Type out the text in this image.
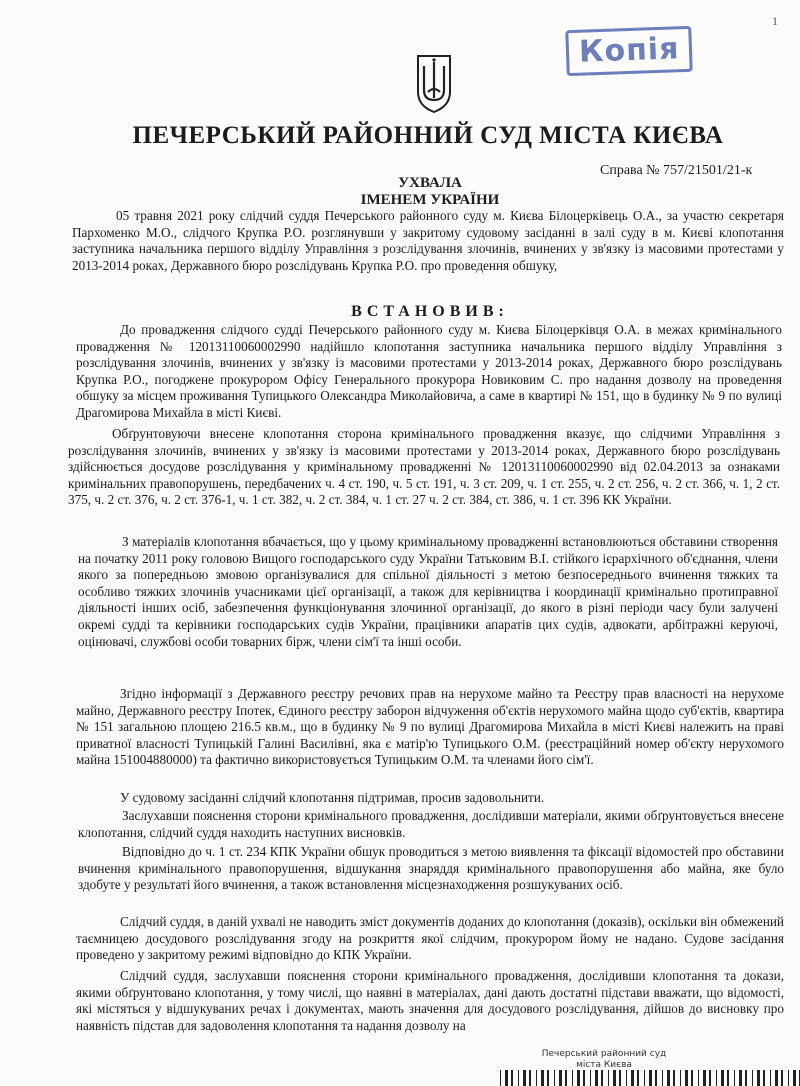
1
Копія
ПЕЧЕРСЬКИЙ РАЙОННИЙ СУД МІСТА КИЄВА
Справа № 757/21501/21-к
УХВАЛА
ІМЕНЕМ УКРАЇНИ

05 травня 2021 року слідчий суддя Печерського районного суду м. Києва Білоцерківець О.А., за участю секретаря Пархоменко М.О., слідчого Крупка Р.О. розглянувши у закритому судовому засіданні в залі суду в м. Києві клопотання заступника начальника першого відділу Управління з розслідування злочинів, вчинених у зв'язку із масовими протестами у 2013-2014 роках, Державного бюро розслідувань Крупка Р.О. про проведення обшуку,

ВСТАНОВИВ:

До провадження слідчого судді Печерського районного суду м. Києва Білоцерківця О.А. в межах кримінального провадження № 12013110060002990 надійшло клопотання заступника начальника першого відділу Управління з розслідування злочинів, вчинених у зв'язку із масовими протестами у 2013-2014 роках, Державного бюро розслідувань Крупка Р.О., погоджене прокурором Офісу Генерального прокурора Новиковим С. про надання дозволу на проведення обшуку за місцем проживання Тупицького Олександра Миколайовича, а саме в квартирі № 151, що в будинку № 9 по вулиці Драгомирова Михайла в місті Києві.

Обґрунтовуючи внесене клопотання сторона кримінального провадження вказує, що слідчими Управління з розслідування злочинів, вчинених у зв'язку із масовими протестами у 2013-2014 роках, Державного бюро розслідувань здійснюється досудове розслідування у кримінальному провадженні № 12013110060002990 від 02.04.2013 за ознаками кримінальних правопорушень, передбачених ч. 4 ст. 190, ч. 5 ст. 191, ч. 3 ст. 209, ч. 1 ст. 255, ч. 2 ст. 256, ч. 2 ст. 366, ч. 1, 2 ст. 375, ч. 2 ст. 376, ч. 2 ст. 376-1, ч. 1 ст. 382, ч. 2 ст. 384, ч. 1 ст. 27 ч. 2 ст. 384, ст. 386, ч. 1 ст. 396 КК України.

З матеріалів клопотання вбачається, що у цьому кримінальному провадженні встановлюються обставини створення на початку 2011 року головою Вищого господарського суду України Татьковим В.І. стійкого ієрархічного об'єднання, члени якого за попередньою змовою організувалися для спільної діяльності з метою безпосереднього вчинення тяжких та особливо тяжких злочинів учасниками цієї організації, а також для керівництва і координації кримінально протиправної діяльності інших осіб, забезпечення функціонування злочинної організації, до якого в різні періоди часу були залучені окремі судді та керівники господарських судів України, працівники апаратів цих судів, адвокати, арбітражні керуючі, оцінювачі, службові особи товарних бірж, члени сім'ї та інші особи.

Згідно інформації з Державного реєстру речових прав на нерухоме майно та Реєстру прав власності на нерухоме майно, Державного реєстру Іпотек, Єдиного реєстру заборон відчуження об'єктів нерухомого майна щодо суб'єктів, квартира № 151 загальною площею 216.5 кв.м., що в будинку № 9 по вулиці Драгомирова Михайла в місті Києві належить на праві приватної власності Тупицькій Галині Василівні, яка є матір'ю Тупицького О.М. (реєстраційний номер об'єкту нерухомого майна 151004880000) та фактично використовується Тупицьким О.М. та членами його сім'ї.

У судовому засіданні слідчий клопотання підтримав, просив задовольнити.

Заслухавши пояснення сторони кримінального провадження, дослідивши матеріали, якими обґрунтовується внесене клопотання, слідчий суддя находить наступних висновків.

Відповідно до ч. 1 ст. 234 КПК України обшук проводиться з метою виявлення та фіксації відомостей про обставини вчинення кримінального правопорушення, відшукання знаряддя кримінального правопорушення або майна, яке було здобуте у результаті його вчинення, а також встановлення місцезнаходження розшукуваних осіб.

Слідчий суддя, в даній ухвалі не наводить зміст документів доданих до клопотання (доказів), оскільки він обмежений таємницею досудового розслідування згоду на розкриття якої слідчим, прокурором йому не надано. Судове засідання проведено у закритому режимі відповідно до КПК України.

Слідчий суддя, заслухавши пояснення сторони кримінального провадження, дослідивши клопотання та докази, якими обґрунтовано клопотання, у тому числі, що наявні в матеріалах, дані дають достатні підстави вважати, що відомості, які містяться у відшукуваних речах і документах, мають значення для досудового розслідування, дійшов до висновку про наявність підстав для задоволення клопотання та надання дозволу на

Печерський районний суд
міста Києва
